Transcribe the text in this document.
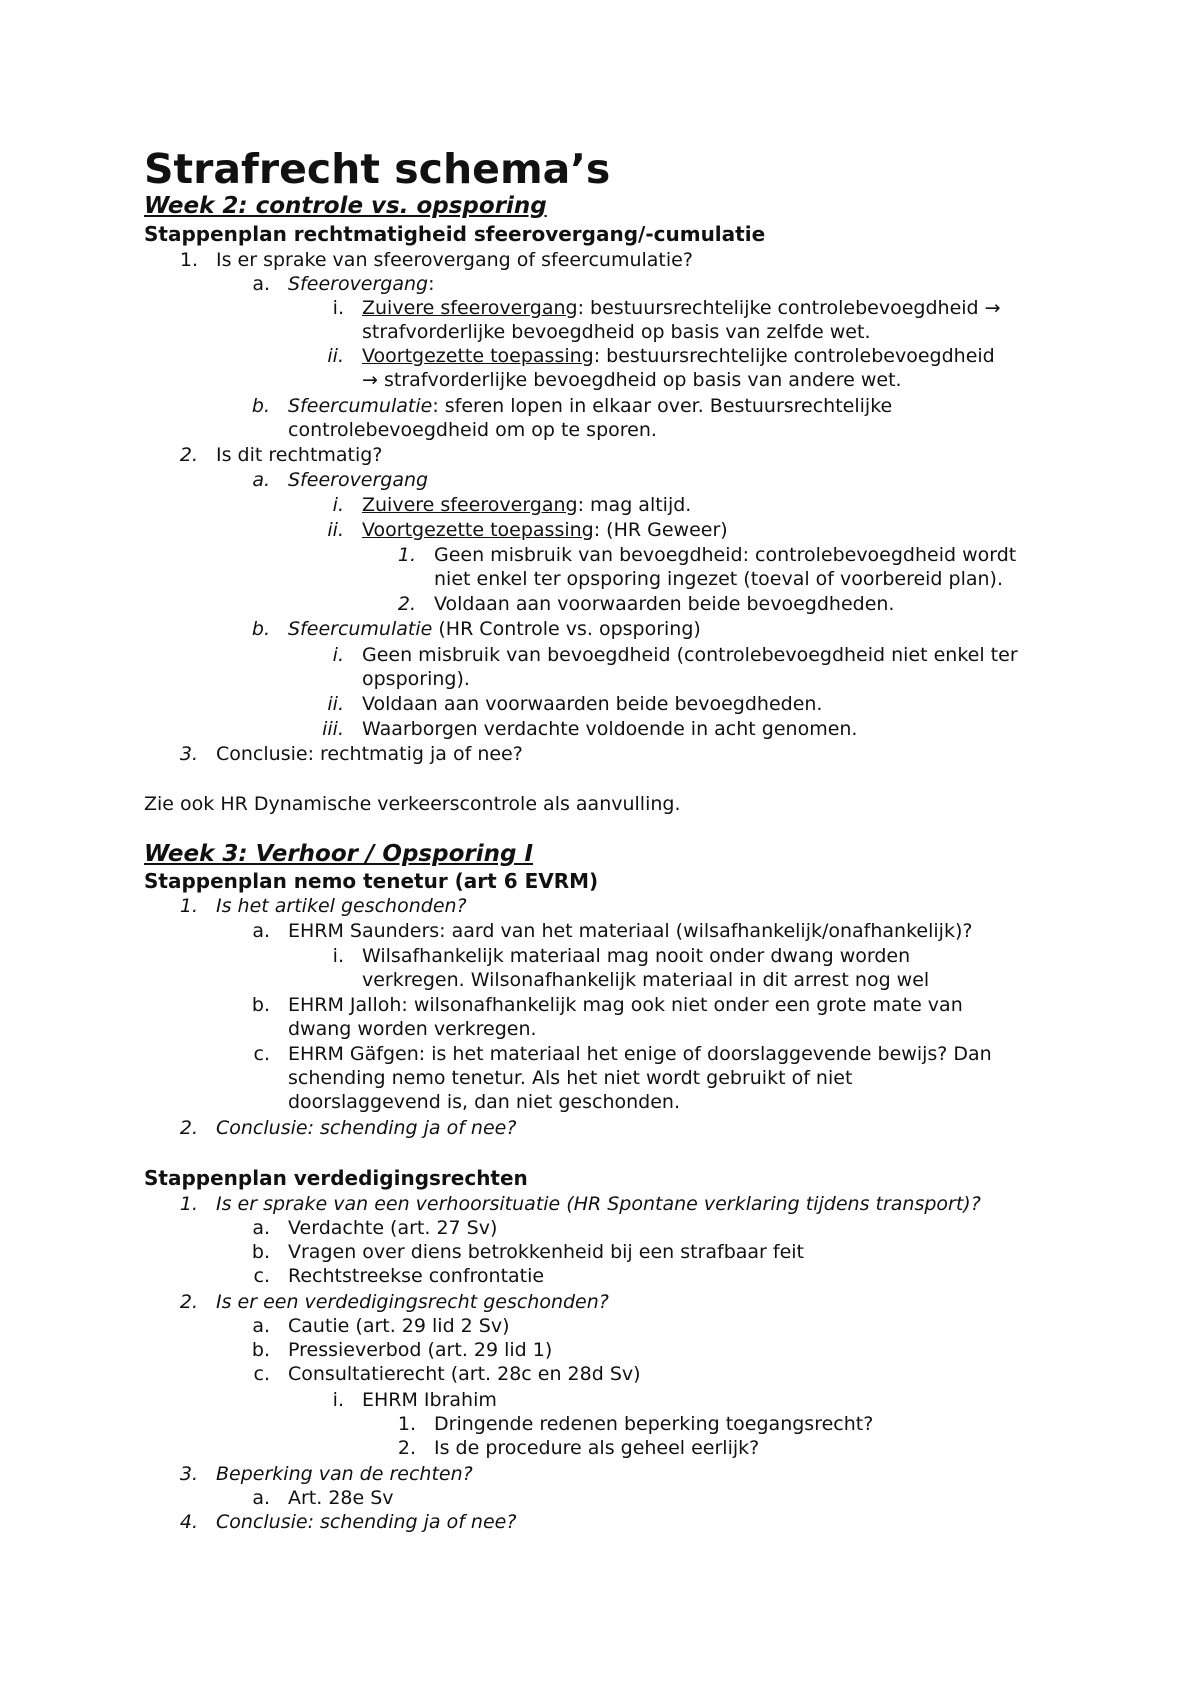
Strafrecht schema’s
Week 2: controle vs. opsporing
Stappenplan rechtmatigheid sfeerovergang/-cumulatie
1. Is er sprake van sfeerovergang of sfeercumulatie?
a. Sfeerovergang:
i. Zuivere sfeerovergang: bestuursrechtelijke controlebevoegdheid →
strafvorderlijke bevoegdheid op basis van zelfde wet.
ii. Voortgezette toepassing: bestuursrechtelijke controlebevoegdheid
→ strafvorderlijke bevoegdheid op basis van andere wet.
b. Sfeercumulatie: sferen lopen in elkaar over. Bestuursrechtelijke
controlebevoegdheid om op te sporen.
2. Is dit rechtmatig?
a. Sfeerovergang
i. Zuivere sfeerovergang: mag altijd.
ii. Voortgezette toepassing: (HR Geweer)
1. Geen misbruik van bevoegdheid: controlebevoegdheid wordt
niet enkel ter opsporing ingezet (toeval of voorbereid plan).
2. Voldaan aan voorwaarden beide bevoegdheden.
b. Sfeercumulatie (HR Controle vs. opsporing)
i. Geen misbruik van bevoegdheid (controlebevoegdheid niet enkel ter
opsporing).
ii. Voldaan aan voorwaarden beide bevoegdheden.
iii. Waarborgen verdachte voldoende in acht genomen.
3. Conclusie: rechtmatig ja of nee?
Zie ook HR Dynamische verkeerscontrole als aanvulling.
Week 3: Verhoor / Opsporing I
Stappenplan nemo tenetur (art 6 EVRM)
1. Is het artikel geschonden?
a. EHRM Saunders: aard van het materiaal (wilsafhankelijk/onafhankelijk)?
i. Wilsafhankelijk materiaal mag nooit onder dwang worden
verkregen. Wilsonafhankelijk materiaal in dit arrest nog wel
b. EHRM Jalloh: wilsonafhankelijk mag ook niet onder een grote mate van
dwang worden verkregen.
c. EHRM Gäfgen: is het materiaal het enige of doorslaggevende bewijs? Dan
schending nemo tenetur. Als het niet wordt gebruikt of niet
doorslaggevend is, dan niet geschonden.
2. Conclusie: schending ja of nee?
Stappenplan verdedigingsrechten
1. Is er sprake van een verhoorsituatie (HR Spontane verklaring tijdens transport)?
a. Verdachte (art. 27 Sv)
b. Vragen over diens betrokkenheid bij een strafbaar feit
c. Rechtstreekse confrontatie
2. Is er een verdedigingsrecht geschonden?
a. Cautie (art. 29 lid 2 Sv)
b. Pressieverbod (art. 29 lid 1)
c. Consultatierecht (art. 28c en 28d Sv)
i. EHRM Ibrahim
1. Dringende redenen beperking toegangsrecht?
2. Is de procedure als geheel eerlijk?
3. Beperking van de rechten?
a. Art. 28e Sv
4. Conclusie: schending ja of nee?
